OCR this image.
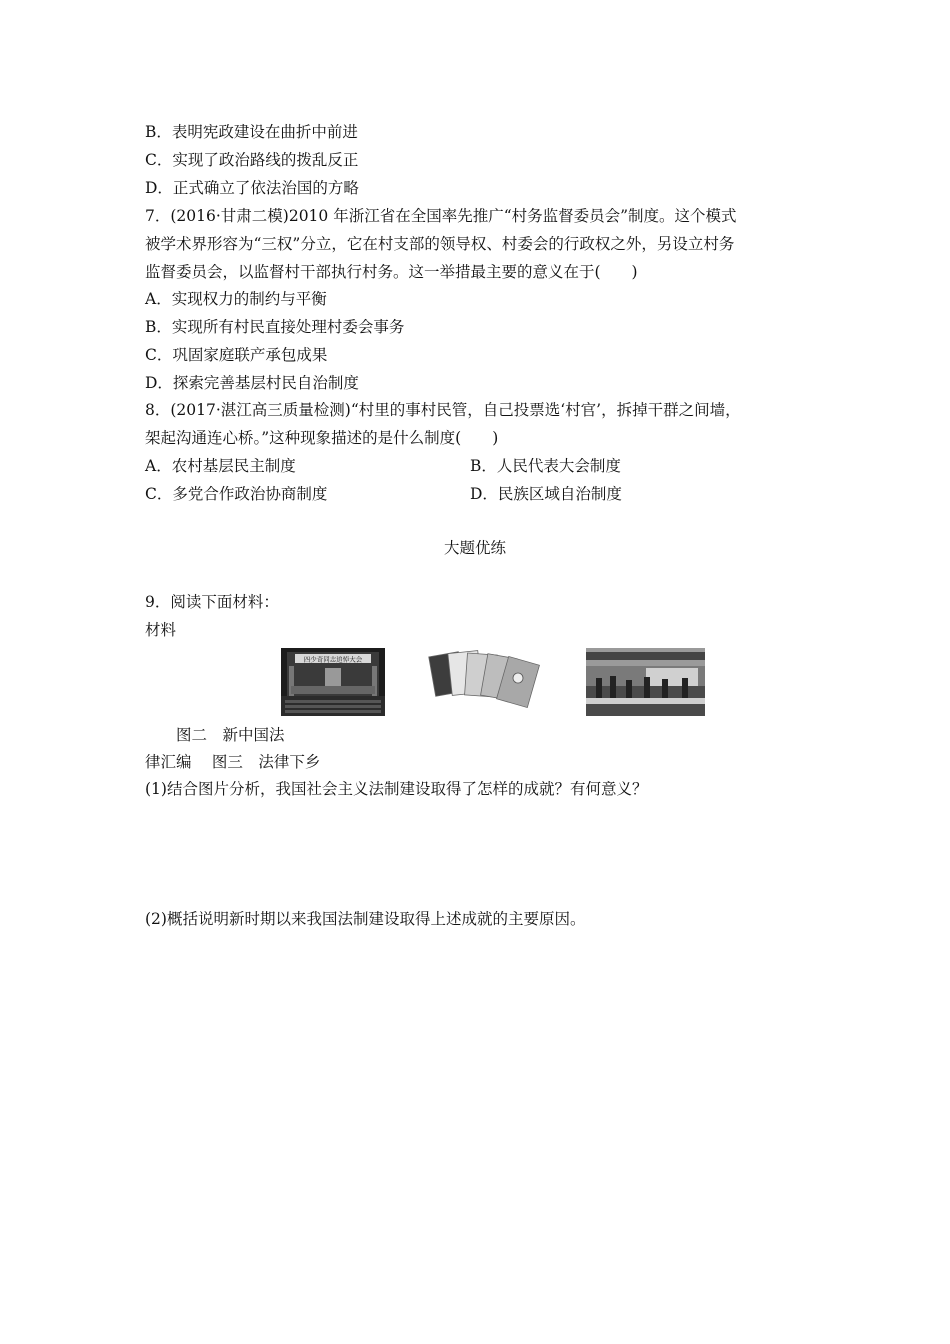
B．表明宪政建设在曲折中前进
C．实现了政治路线的拨乱反正
D．正式确立了依法治国的方略
7．(2016·甘肃二模)2010 年浙江省在全国率先推广“村务监督委员会”制度。这个模式
被学术界形容为“三权”分立，它在村支部的领导权、村委会的行政权之外，另设立村务
监督委员会，以监督村干部执行村务。这一举措最主要的意义在于(　　)
A．实现权力的制约与平衡
B．实现所有村民直接处理村委会事务
C．巩固家庭联产承包成果
D．探索完善基层村民自治制度
8．(2017·湛江高三质量检测)“村里的事村民管，自己投票选‘村官’，拆掉干群之间墙，
架起沟通连心桥。”这种现象描述的是什么制度(　　)
A．农村基层民主制度	B．人民代表大会制度
C．多党合作政治协商制度	D．民族区域自治制度
大题优练
9．阅读下面材料：
材料
四少奇同志追悼大会
图二　新中国法
律汇编　 图三　法律下乡
(1)结合图片分析，我国社会主义法制建设取得了怎样的成就？有何意义？
(2)概括说明新时期以来我国法制建设取得上述成就的主要原因。
